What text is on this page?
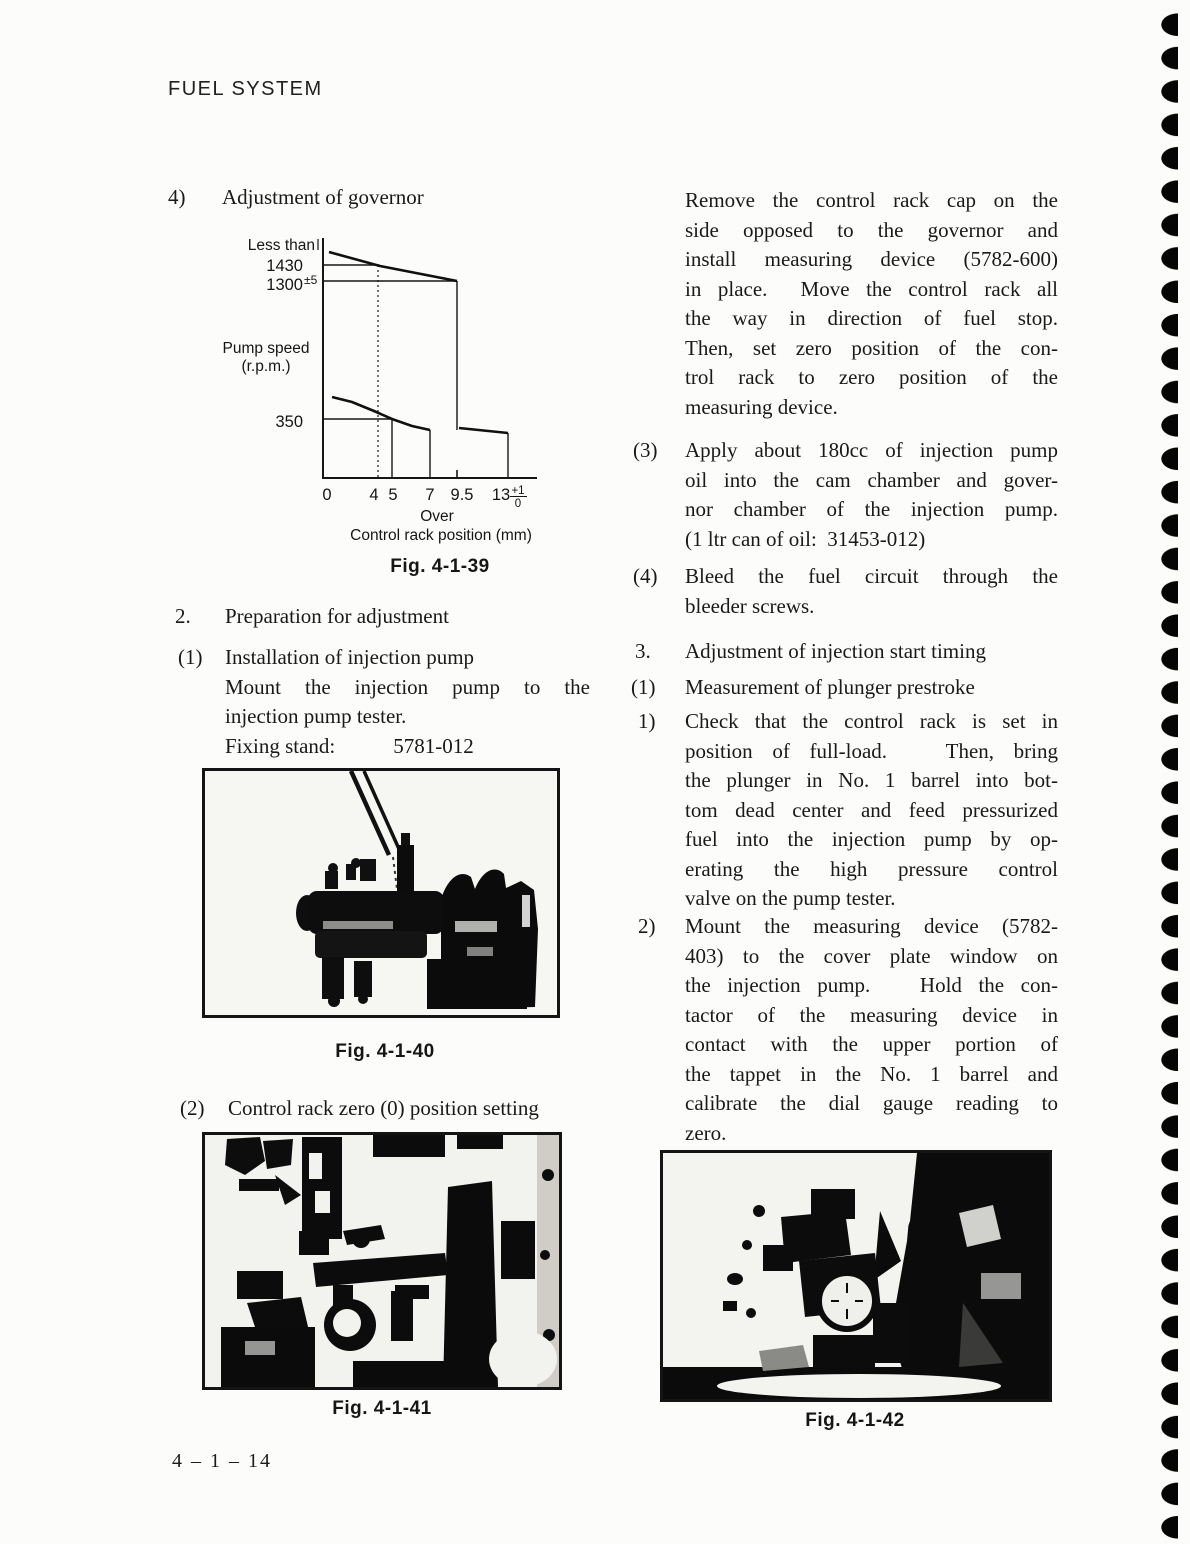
FUEL SYSTEM
4) Adjustment of governor
Less than
1430
1300 ±5
Pump speed
(r.p.m.)
350
0 4 5 7 9.5 13 +1
0
Over
Control rack position (mm)
Fig. 4-1-39
2. Preparation for adjustment
(1) Installation of injection pump
Mount the injection pump to the
injection pump tester.
Fixing stand:	5781-012
Fig. 4-1-40
(2) Control rack zero (0) position setting
Fig. 4-1-41
4 – 1 – 14
Remove the control rack cap on the
side opposed to the governor and
install measuring device (5782-600)
in place.  Move the control rack all
the way in direction of fuel stop.
Then, set zero position of the con-
trol rack to zero position of the
measuring device.
(3) Apply about 180cc of injection pump
oil into the cam chamber and gover-
nor chamber of the injection pump.
(1 ltr can of oil:  31453-012)
(4) Bleed the fuel circuit through the
bleeder screws.
3. Adjustment of injection start timing
(1) Measurement of plunger prestroke
1) Check that the control rack is set in
position of full-load.   Then, bring
the plunger in No. 1 barrel into bot-
tom dead center and feed pressurized
fuel into the injection pump by op-
erating the high pressure control
valve on the pump tester.
2) Mount the measuring device (5782-
403) to the cover plate window on
the injection pump.   Hold the con-
tactor of the measuring device in
contact with the upper portion of
the tappet in the No. 1 barrel and
calibrate the dial gauge reading to
zero.
Fig. 4-1-42
